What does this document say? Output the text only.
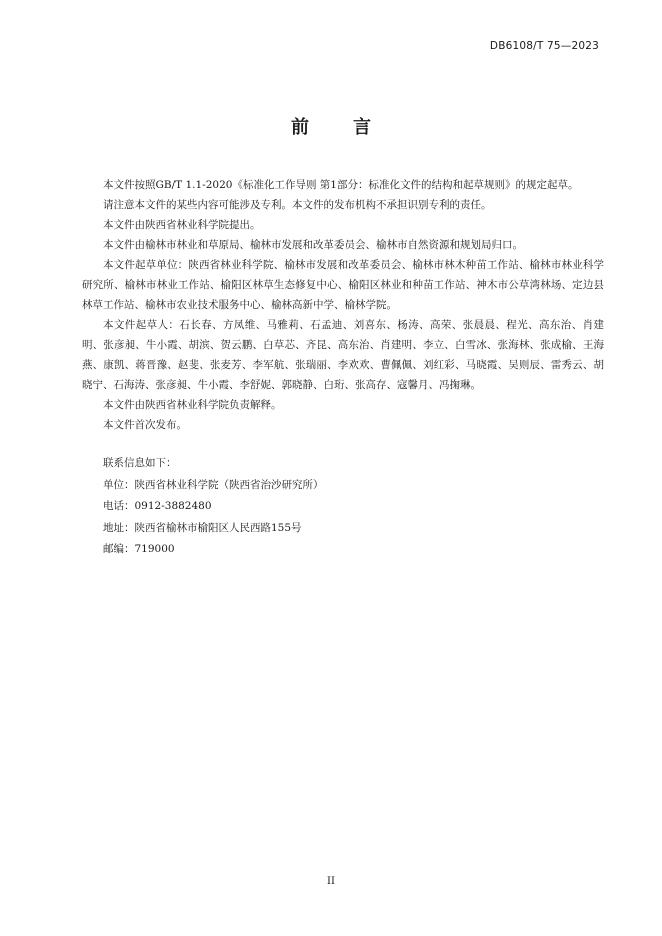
DB6108/T 75—2023
前 言

本文件按照GB/T 1.1-2020《标准化工作导则 第1部分：标准化文件的结构和起草规则》的规定起草。

请注意本文件的某些内容可能涉及专利。本文件的发布机构不承担识别专利的责任。

本文件由陕西省林业科学院提出。

本文件由榆林市林业和草原局、榆林市发展和改革委员会、榆林市自然资源和规划局归口。

本文件起草单位：陕西省林业科学院、榆林市发展和改革委员会、榆林市林木种苗工作站、榆林市林业科学研究所、榆林市林业工作站、榆阳区林草生态修复中心、榆阳区林业和种苗工作站、神木市公草湾林场、定边县林草工作站、榆林市农业技术服务中心、榆林高新中学、榆林学院。

本文件起草人：石长春、方凤维、马雅莉、石孟迪、刘喜东、杨涛、高荣、张晨晨、程光、高东治、肖建明、张彦昶、牛小霞、胡滨、贺云鹏、白草芯、齐昆、高东治、肖建明、李立、白雪冰、张海林、张成榆、王海燕、康凯、蒋晋豫、赵斐、张麦芳、李军航、张瑞丽、李欢欢、曹佩佩、刘红彩、马晓霞、吴则辰、雷秀云、胡晓宁、石海涛、张彦昶、牛小霞、李舒妮、郭晓静、白珩、张高存、寇馨月、冯掬琳。

本文件由陕西省林业科学院负责解释。

本文件首次发布。

联系信息如下：

单位：陕西省林业科学院（陕西省治沙研究所）

电话：0912-3882480

地址：陕西省榆林市榆阳区人民西路155号

邮编：719000

II
